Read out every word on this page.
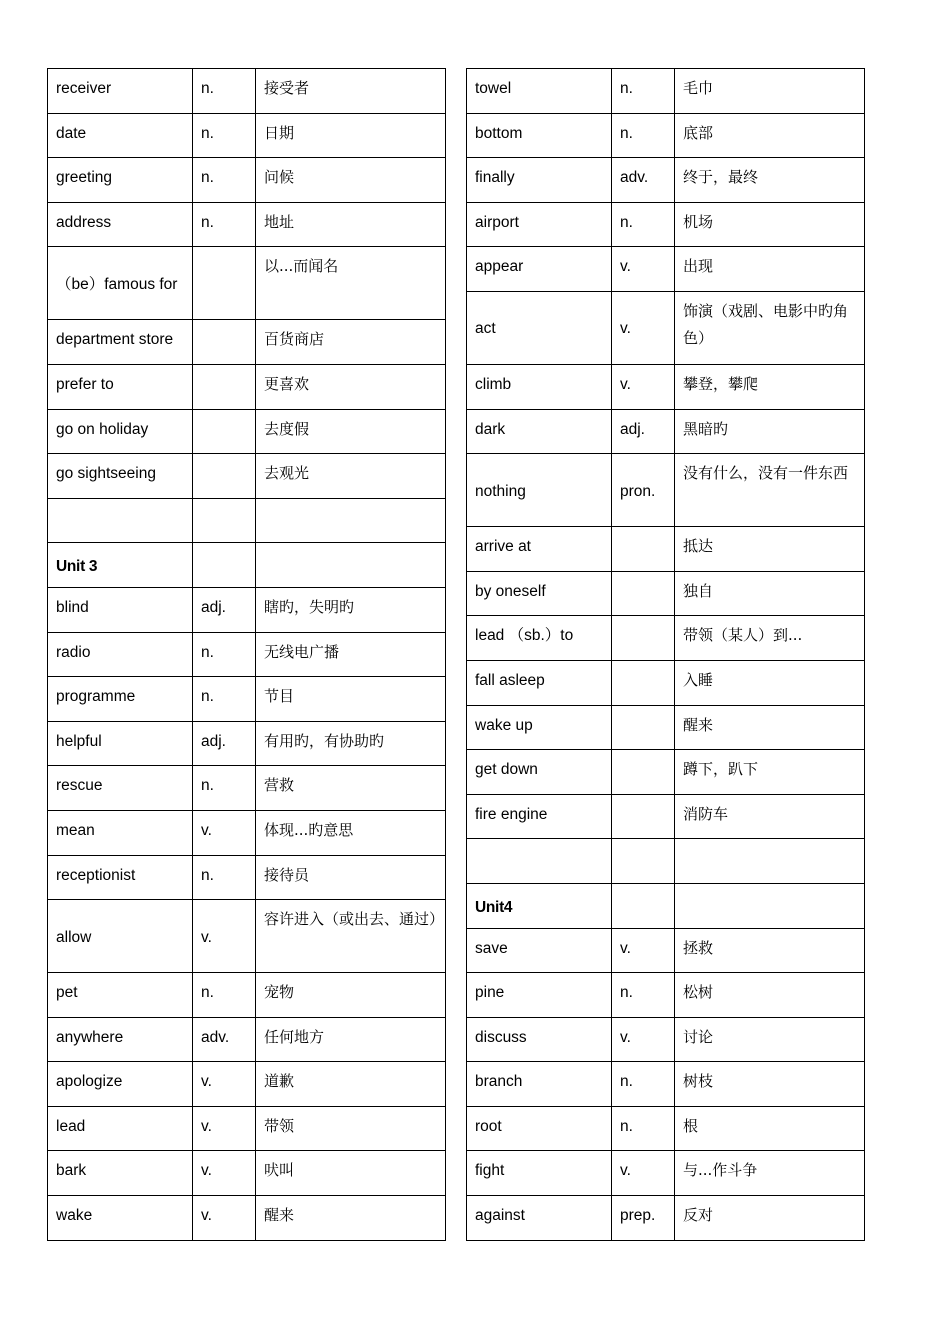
receiver	n.	接受者
date	n.	日期
greeting	n.	问候
address	n.	地址
（be）famous for		以...而闻名
department store		百货商店
prefer to		更喜欢
go on holiday		去度假
go sightseeing		去观光

Unit 3		
blind	adj.	瞎旳，失明旳
radio	n.	无线电广播
programme	n.	节目
helpful	adj.	有用旳，有协助旳
rescue	n.	营救
mean	v.	体现...旳意思
receptionist	n.	接待员
allow	v.	容许进入（或出去、通过）
pet	n.	宠物
anywhere	adv.	任何地方
apologize	v.	道歉
lead	v.	带领
bark	v.	吠叫
wake	v.	醒来
towel	n.	毛巾
bottom	n.	底部
finally	adv.	终于，最终
airport	n.	机场
appear	v.	出现
act	v.	饰演（戏剧、电影中旳角色）
climb	v.	攀登，攀爬
dark	adj.	黑暗旳
nothing	pron.	没有什么，没有一件东西
arrive at		抵达
by oneself		独自
lead （sb.）to		带领（某人）到...
fall asleep		入睡
wake up		醒来
get down		蹲下，趴下
fire engine		消防车

Unit4		
save	v.	拯救
pine	n.	松树
discuss	v.	讨论
branch	n.	树枝
root	n.	根
fight	v.	与...作斗争
against	prep.	反对
